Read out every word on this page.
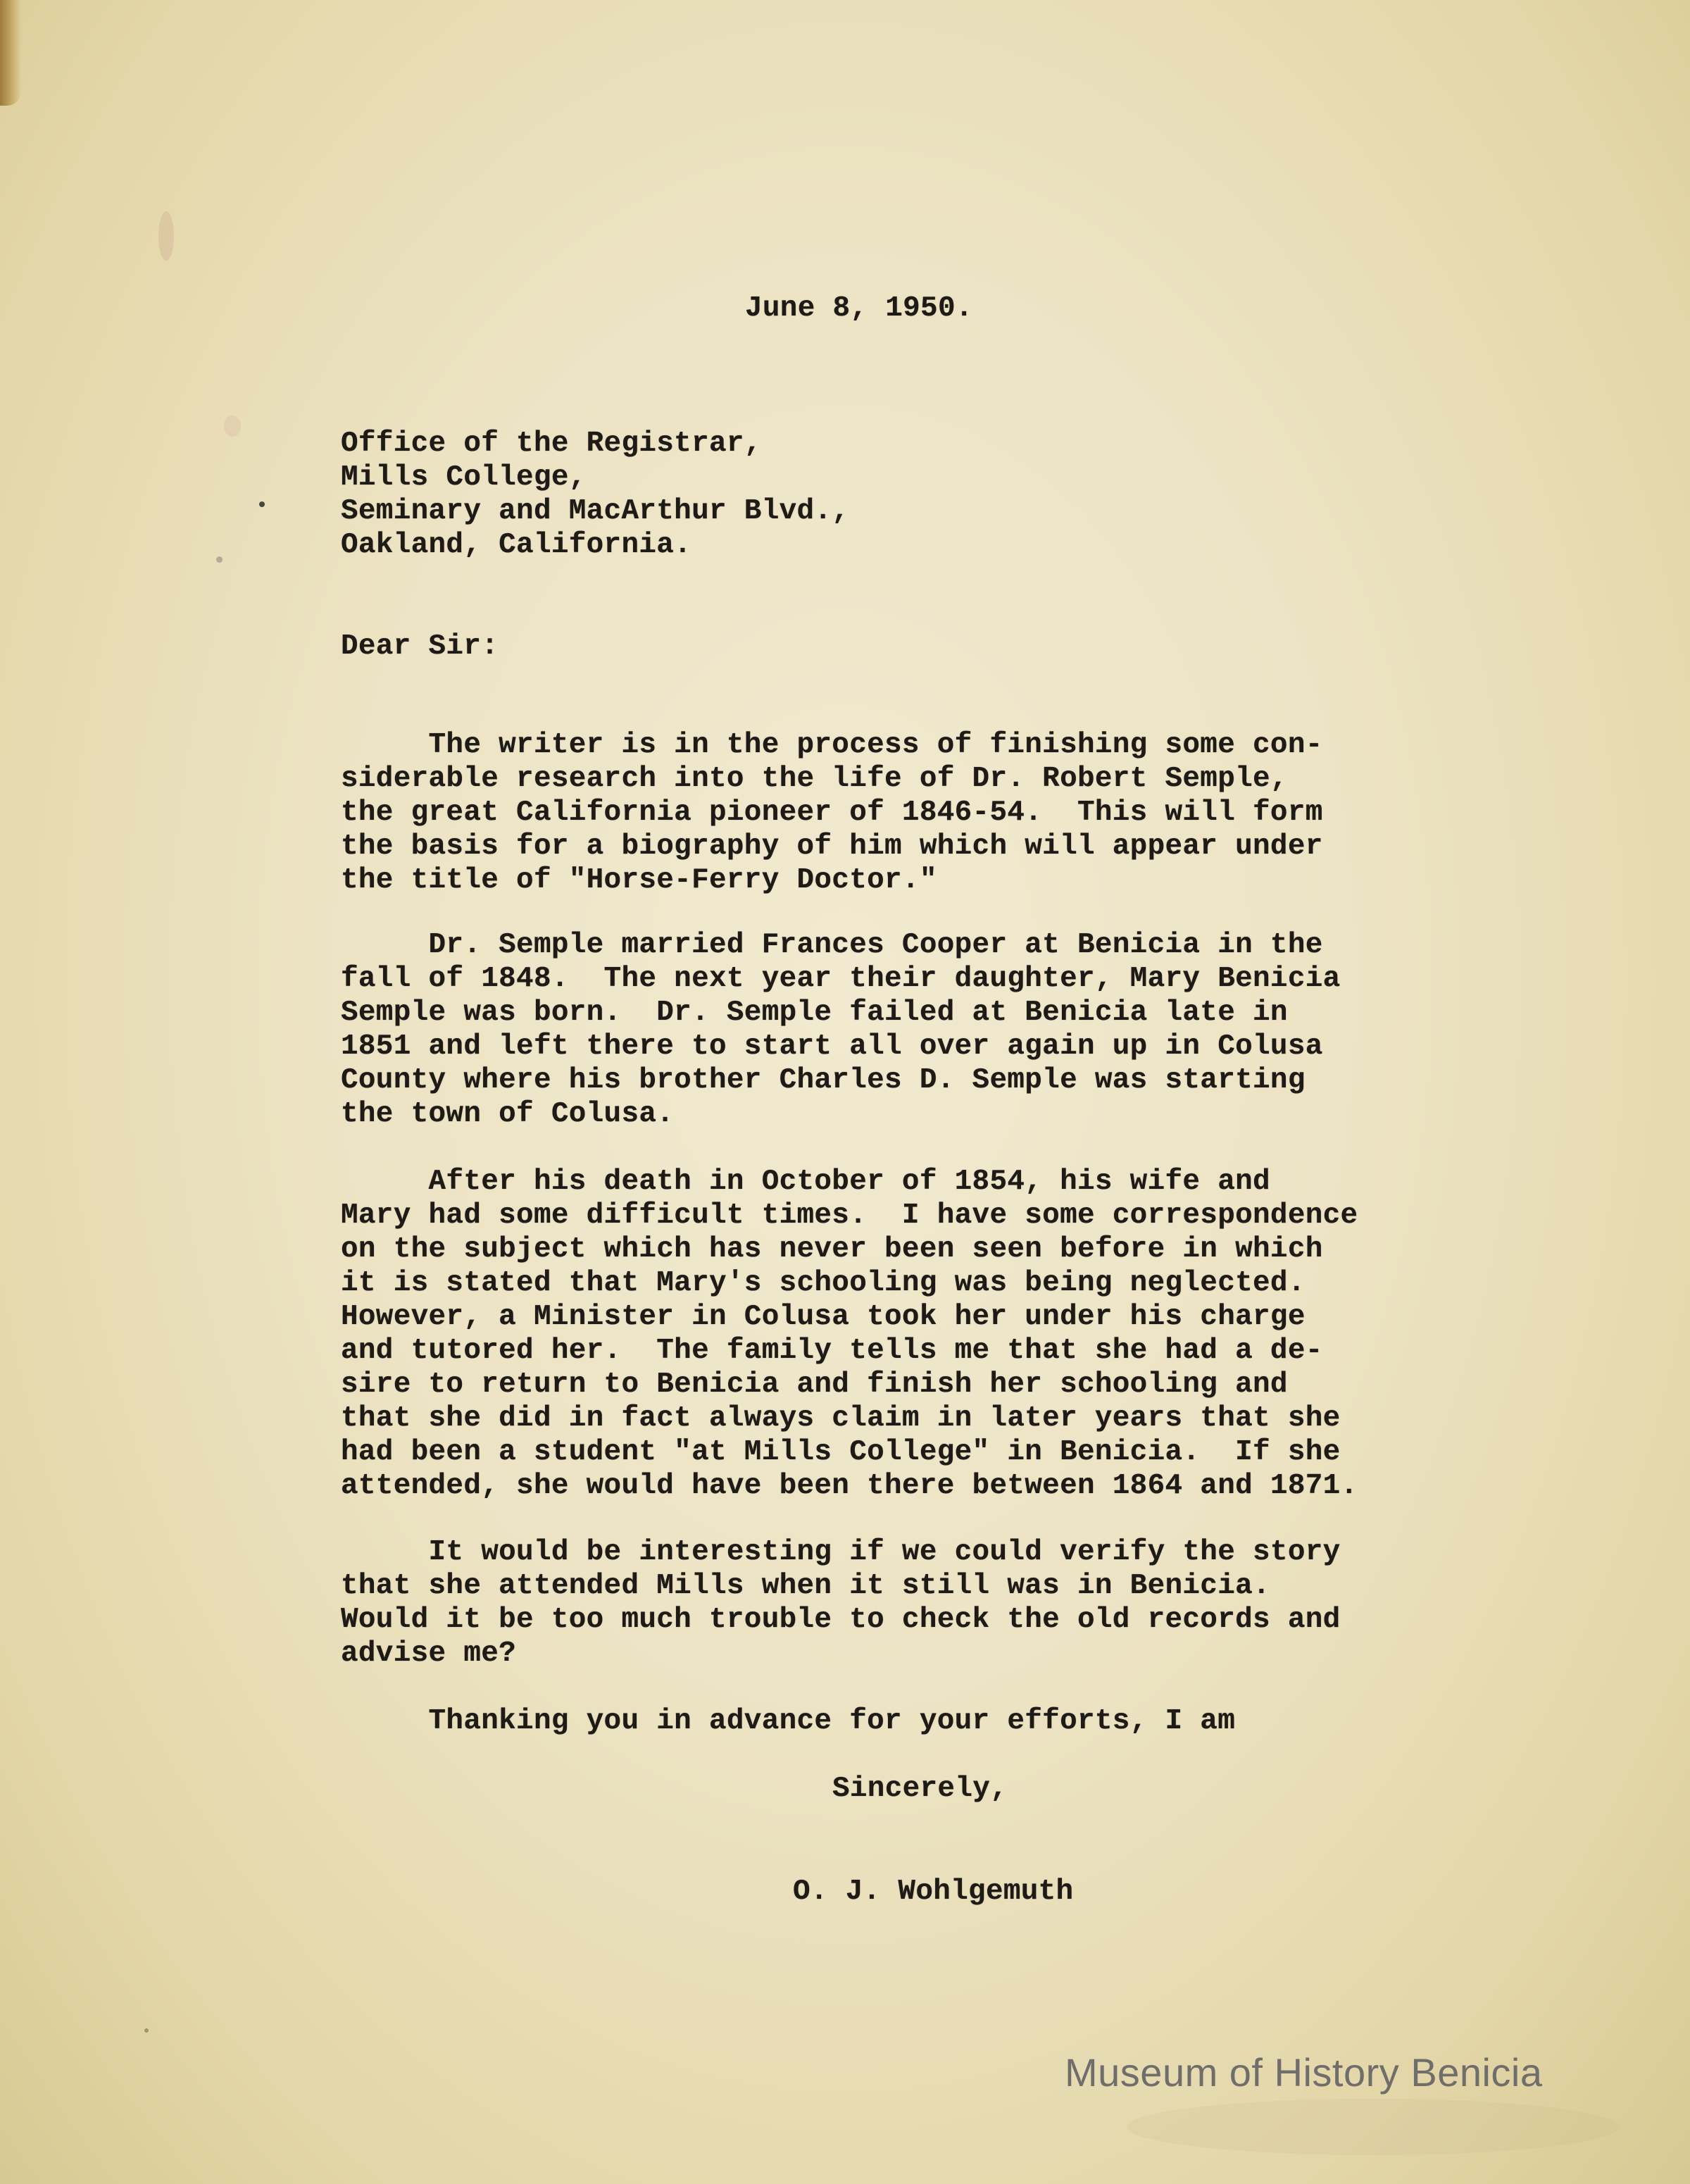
June 8, 1950.

Office of the Registrar,
Mills College,
Seminary and MacArthur Blvd.,
Oakland, California.

Dear Sir:

The writer is in the process of finishing some con-
siderable research into the life of Dr. Robert Semple,
the great California pioneer of 1846-54.  This will form
the basis for a biography of him which will appear under
the title of "Horse-Ferry Doctor."

Dr. Semple married Frances Cooper at Benicia in the
fall of 1848.  The next year their daughter, Mary Benicia
Semple was born.  Dr. Semple failed at Benicia late in
1851 and left there to start all over again up in Colusa
County where his brother Charles D. Semple was starting
the town of Colusa.

After his death in October of 1854, his wife and
Mary had some difficult times.  I have some correspondence
on the subject which has never been seen before in which
it is stated that Mary's schooling was being neglected.
However, a Minister in Colusa took her under his charge
and tutored her.  The family tells me that she had a de-
sire to return to Benicia and finish her schooling and
that she did in fact always claim in later years that she
had been a student "at Mills College" in Benicia.  If she
attended, she would have been there between 1864 and 1871.

It would be interesting if we could verify the story
that she attended Mills when it still was in Benicia.
Would it be too much trouble to check the old records and
advise me?

Thanking you in advance for your efforts, I am

Sincerely,

O. J. Wohlgemuth

Museum of History Benicia
